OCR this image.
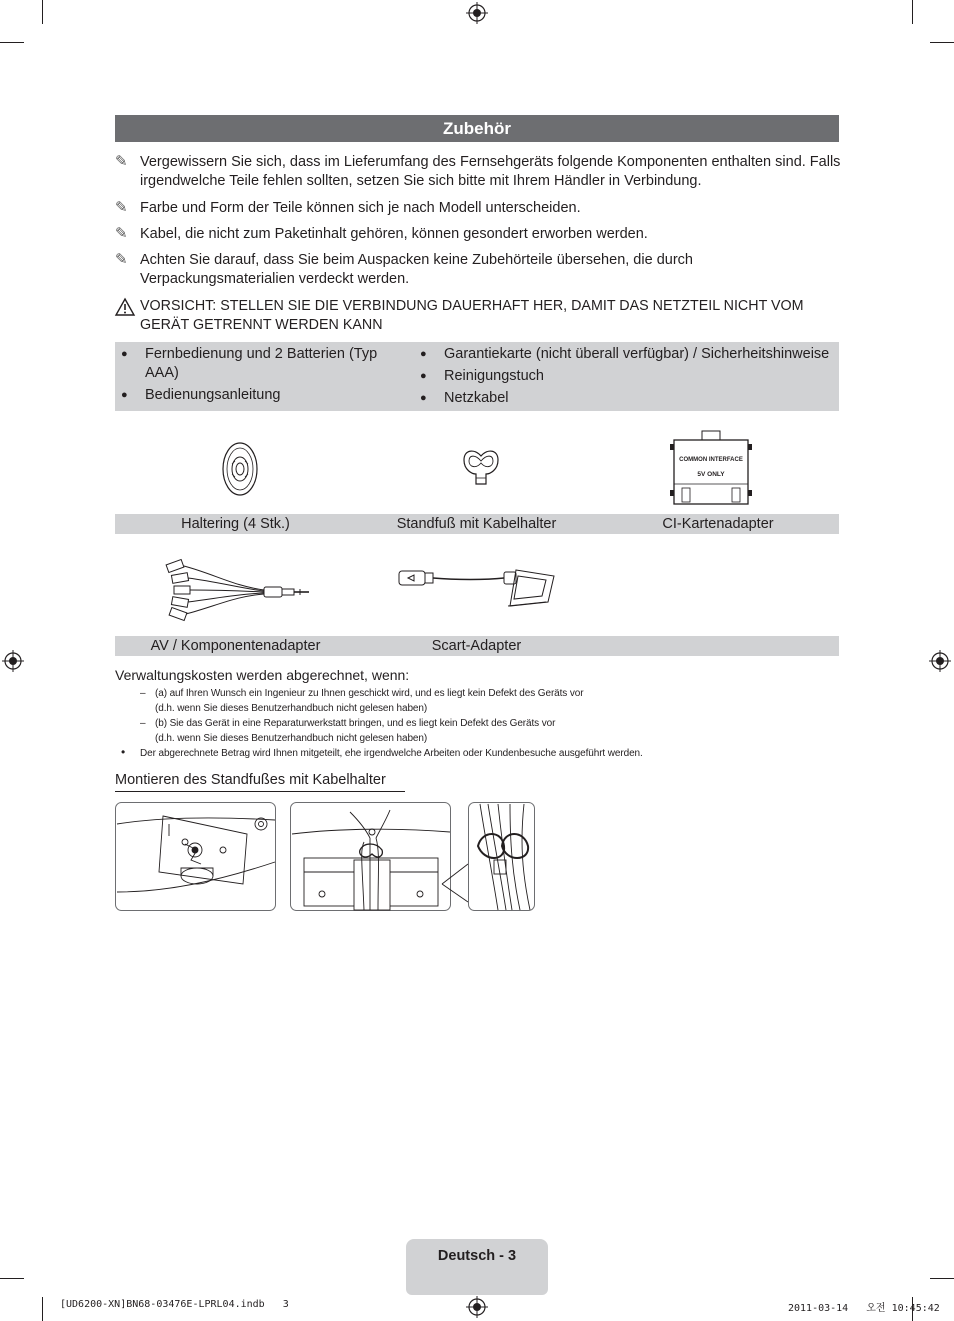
Zubehör
✎ Vergewissern Sie sich, dass im Lieferumfang des Fernsehgeräts folgende Komponenten enthalten sind. Falls irgendwelche Teile fehlen sollten, setzen Sie sich bitte mit Ihrem Händler in Verbindung.
✎ Farbe und Form der Teile können sich je nach Modell unterscheiden.
✎ Kabel, die nicht zum Paketinhalt gehören, können gesondert erworben werden.
✎ Achten Sie darauf, dass Sie beim Auspacken keine Zubehörteile übersehen, die durch Verpackungsmaterialien verdeckt werden.
VORSICHT: STELLEN SIE DIE VERBINDUNG DAUERHAFT HER, DAMIT DAS NETZTEIL NICHT VOM GERÄT GETRENNT WERDEN KANN
● Fernbedienung und 2 Batterien (Typ AAA)
● Bedienungsanleitung
● Garantiekarte (nicht überall verfügbar) / Sicherheitshinweise
● Reinigungstuch
● Netzkabel
COMMON INTERFACE
5V ONLY
Haltering (4 Stk.)	Standfuß mit Kabelhalter	CI-Kartenadapter
AV / Komponentenadapter	Scart-Adapter
Verwaltungskosten werden abgerechnet, wenn:
– (a) auf Ihren Wunsch ein Ingenieur zu Ihnen geschickt wird, und es liegt kein Defekt des Geräts vor
(d.h. wenn Sie dieses Benutzerhandbuch nicht gelesen haben)
– (b) Sie das Gerät in eine Reparaturwerkstatt bringen, und es liegt kein Defekt des Geräts vor
(d.h. wenn Sie dieses Benutzerhandbuch nicht gelesen haben)
• Der abgerechnete Betrag wird Ihnen mitgeteilt, ehe irgendwelche Arbeiten oder Kundenbesuche ausgeführt werden.
Montieren des Standfußes mit Kabelhalter
Deutsch - 3
[UD6200-XN]BN68-03476E-LPRL04.indb   3	2011-03-14   오전 10:45:42
